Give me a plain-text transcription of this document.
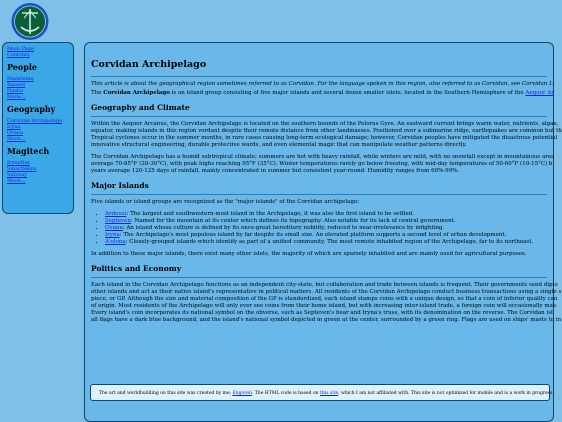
Main Page
Contents
People
Madeleine
Ranuet
Nasku
More...
Geography
Corvidan Archipelago
Iryna
Ovana
More...
Magitech
IrynaNet
SmartSkins
Subway
More...
Corvidan Archipelago
This article is about the geographical region sometimes referred to as Corvidan. For the language spoken in this region, also referred to as Corvidan, see Corvidan L

The Corvidan Archipelago is an island group consisting of five major islands and several dozen smaller islets, located in the Southern Hemisphere of the Aequor Ar

Geography and Climate

Within the Aequor Arcanus, the Corvidan Archipelago is located on the southern bounds of the Pelorus Gyre. An eastward current brings warm water, nutrients, algae,
equator, making islands in this region verdant despite their remote distance from other landmasses. Positioned over a submarine ridge, earthquakes are common but th
Tropical cyclones occur in the summer months, in rare cases causing long-term ecological damage; however, Corvidan peoples have mitigated the disastrous potential
innovative structural engineering, durable protective wards, and even elemental magic that can manipulate weather patterns directly.

The Corvidan Archipelago has a humid subtropical climate; summers are hot with heavy rainfall, while winters are mild, with no snowfall except in mountainous area
average 70-85°F (20-30°C), with peak highs reaching 95°F (35°C). Winter temperatures rarely go below freezing, with mid-day temperatures of 50-60°F (10-15°C) b
years average 120-125 days of rainfall, mainly concentrated in summer but consistent year-round. Humidity ranges from 60%-99%.

Major Islands

Five islands or island groups are recognized as the "major islands" of the Corvidan archipelago:

• Ardeusi: The largest and southwestern-most island in the Archipelago, it was also the first island to be settled.
• Septeven: Named for the mountain at its center which defines its topography. Also notable for its lack of central government.
• Ovana: An island whose culture is defined by its once-great hereditary nobility, reduced to near-irrelevance by infighting.
• Iryna: The Archipelago's most populous island by far despite its small size. An elevated platform supports a second level of urban development.
• A'olona: Closely-grouped islands which identify as part of a unified community. The most remote inhabited region of the Archipelago, far to its northeast.

In addition to these major islands, there exist many other islets, the majority of which are sparsely inhabited and are mainly used for agricultural purposes.

Politics and Economy

Each island in the Corvidan Archipelago functions as an independent city-state, but collaboration and trade between islands is frequent. Their governments send diplo
other islands and act as their native island's representative in political matters. All residents of the Corvidan Archipelago conduct business transactions using a single s
piece, or GP. Although the size and material composition of the GP is standardized, each island stamps coins with a unique design, so that a coin of inferior quality can
of origin. Most residents of the Archipelago will only ever see coins from their home island, but with increasing inter-island trade, a foreign coin will occasionally mak
Every island's coin incorporates its national symbol on the obverse, such as Septeven's bear and Iryna's truss, with its denomination on the reverse. The Corvidan isl
all flags have a dark blue background, and the island's national symbol depicted in green at the center, surrounded by a green ring. Flags are used on ships' masts to in

The art and worldbuilding on this site was created by me, Engoreli. The HTML code is based on this site, which I am not affiliated with. This site is not optimized for mobile and is a work in progress.
